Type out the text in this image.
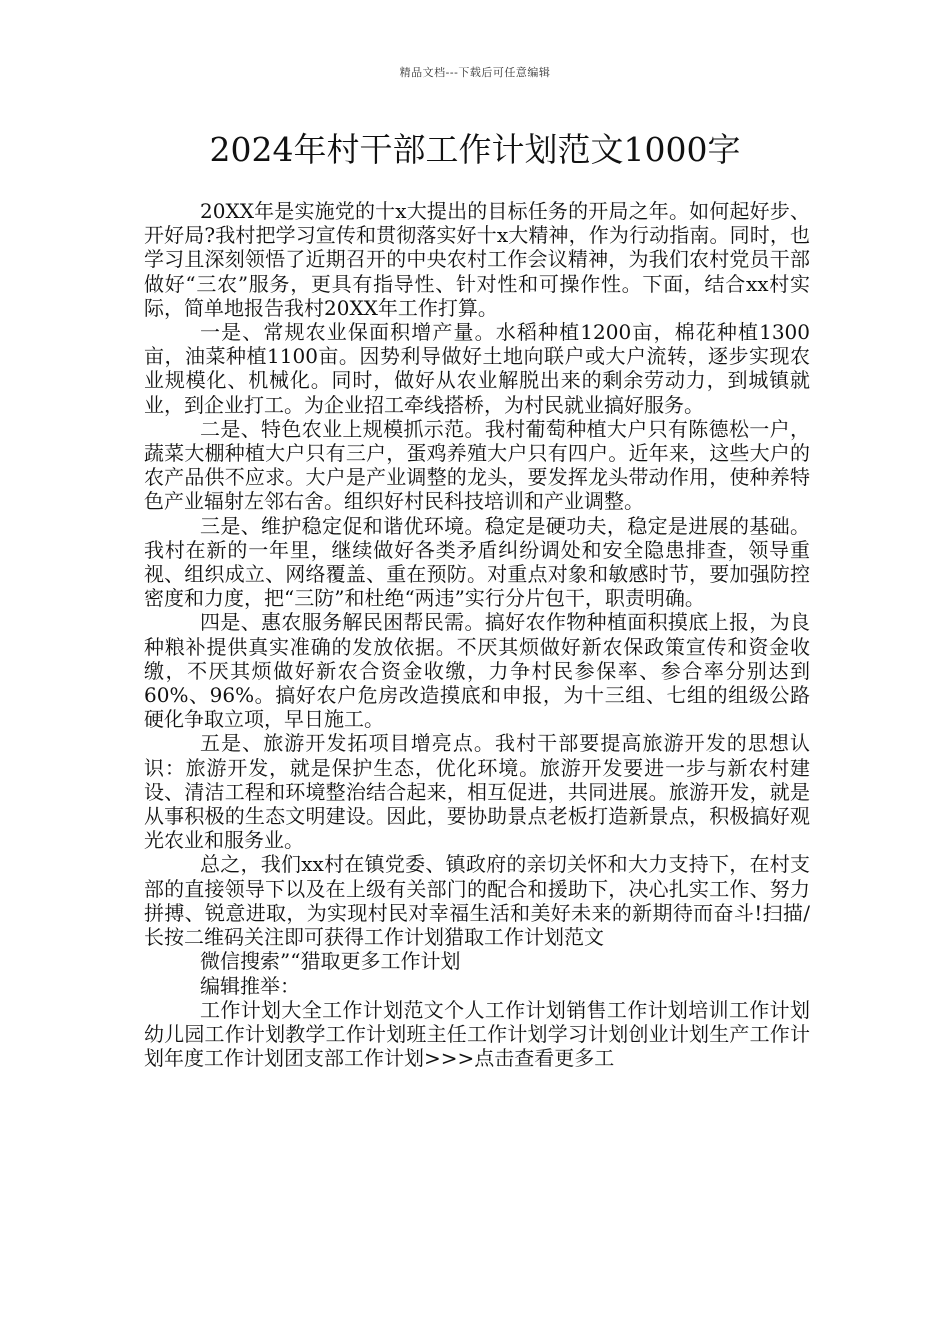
精品文档---下载后可任意编辑
2024年村干部工作计划范文1000字

20XX年是实施党的十x大提出的目标任务的开局之年。如何起好步、开好局?我村把学习宣传和贯彻落实好十x大精神，作为行动指南。同时，也学习且深刻领悟了近期召开的中央农村工作会议精神，为我们农村党员干部做好“三农”服务，更具有指导性、针对性和可操作性。下面，结合xx村实际，简单地报告我村20XX年工作打算。

一是、常规农业保面积增产量。水稻种植1200亩，棉花种植1300亩，油菜种植1100亩。因势利导做好土地向联户或大户流转，逐步实现农业规模化、机械化。同时，做好从农业解脱出来的剩余劳动力，到城镇就业，到企业打工。为企业招工牵线搭桥，为村民就业搞好服务。

二是、特色农业上规模抓示范。我村葡萄种植大户只有陈德松一户，蔬菜大棚种植大户只有三户，蛋鸡养殖大户只有四户。近年来，这些大户的农产品供不应求。大户是产业调整的龙头，要发挥龙头带动作用，使种养特色产业辐射左邻右舍。组织好村民科技培训和产业调整。

三是、维护稳定促和谐优环境。稳定是硬功夫，稳定是进展的基础。我村在新的一年里，继续做好各类矛盾纠纷调处和安全隐患排查，领导重视、组织成立、网络覆盖、重在预防。对重点对象和敏感时节，要加强防控密度和力度，把“三防”和杜绝“两违”实行分片包干，职责明确。

四是、惠农服务解民困帮民需。搞好农作物种植面积摸底上报，为良种粮补提供真实准确的发放依据。不厌其烦做好新农保政策宣传和资金收缴，不厌其烦做好新农合资金收缴，力争村民参保率、参合率分别达到60%、96%。搞好农户危房改造摸底和申报，为十三组、七组的组级公路硬化争取立项，早日施工。

五是、旅游开发拓项目增亮点。我村干部要提高旅游开发的思想认识：旅游开发，就是保护生态，优化环境。旅游开发要进一步与新农村建设、清洁工程和环境整治结合起来，相互促进，共同进展。旅游开发，就是从事积极的生态文明建设。因此，要协助景点老板打造新景点，积极搞好观光农业和服务业。

总之，我们xx村在镇党委、镇政府的亲切关怀和大力支持下，在村支部的直接领导下以及在上级有关部门的配合和援助下，决心扎实工作、努力拼搏、锐意进取，为实现村民对幸福生活和美好未来的新期待而奋斗!扫描/长按二维码关注即可获得工作计划猎取工作计划范文

微信搜索”“猎取更多工作计划

编辑推举：

工作计划大全工作计划范文个人工作计划销售工作计划培训工作计划幼儿园工作计划教学工作计划班主任工作计划学习计划创业计划生产工作计划年度工作计划团支部工作计划>>>点击查看更多工
